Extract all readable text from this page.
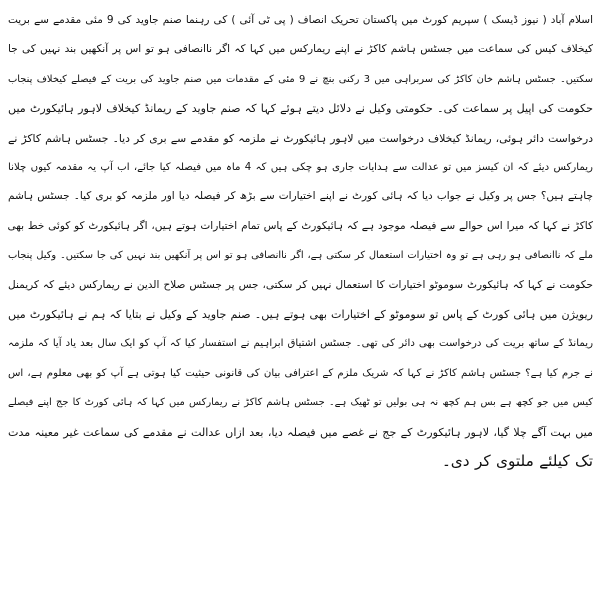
اسلام آباد ( نیوز ڈیسک ) سپریم کورٹ میں پاکستان تحریک انصاف ( پی ٹی آئی ) کی رہنما صنم جاوید کی 9 مئی مقدمے سے بریت
کیخلاف کیس کی سماعت میں جسٹس ہاشم کاکڑ نے اپنے ریمارکس میں کہا کہ اگر ناانصافی ہو تو اس پر آنکھیں بند نہیں کی جا
سکتیں۔ جسٹس ہاشم خان کاکڑ کی سربراہی میں 3 رکنی بنچ نے 9 مئی کے مقدمات میں صنم جاوید کی بریت کے فیصلے کیخلاف پنجاب
حکومت کی اپیل پر سماعت کی۔ حکومتی وکیل نے دلائل دیتے ہوئے کہا کہ صنم جاوید کے ریمانڈ کیخلاف لاہور ہائیکورٹ میں
درخواست دائر ہوئی، ریمانڈ کیخلاف درخواست میں لاہور ہائیکورٹ نے ملزمہ کو مقدمے سے بری کر دیا۔ جسٹس ہاشم کاکڑ نے
ریمارکس دیئے کہ ان کیسز میں تو عدالت سے ہدایات جاری ہو چکی ہیں کہ 4 ماہ میں فیصلہ کیا جائے، اب آپ یہ مقدمہ کیوں چلانا
چاہتے ہیں؟ جس پر وکیل نے جواب دیا کہ ہائی کورٹ نے اپنے اختیارات سے بڑھ کر فیصلہ دیا اور ملزمہ کو بری کیا۔ جسٹس ہاشم
کاکڑ نے کہا کہ میرا اس حوالے سے فیصلہ موجود ہے کہ ہائیکورٹ کے پاس تمام اختیارات ہوتے ہیں، اگر ہائیکورٹ کو کوئی خط بھی
ملے کہ ناانصافی ہو رہی ہے تو وہ اختیارات استعمال کر سکتی ہے، اگر ناانصافی ہو تو اس پر آنکھیں بند نہیں کی جا سکتیں۔ وکیل پنجاب
حکومت نے کہا کہ ہائیکورٹ سوموٹو اختیارات کا استعمال نہیں کر سکتی، جس پر جسٹس صلاح الدین نے ریمارکس دیئے کہ کریمنل
ریویژن میں ہائی کورٹ کے پاس تو سوموٹو کے اختیارات بھی ہوتے ہیں۔ صنم جاوید کے وکیل نے بتایا کہ ہم نے ہائیکورٹ میں
ریمانڈ کے ساتھ بریت کی درخواست بھی دائر کی تھی۔ جسٹس اشتیاق ابراہیم نے استفسار کیا کہ آپ کو ایک سال بعد یاد آیا کہ ملزمہ
نے جرم کیا ہے؟ جسٹس ہاشم کاکڑ نے کہا کہ شریک ملزم کے اعترافی بیان کی قانونی حیثیت کیا ہوتی ہے آپ کو بھی معلوم ہے، اس
کیس میں جو کچھ ہے بس ہم کچھ نہ ہی بولیں تو ٹھیک ہے۔ جسٹس ہاشم کاکڑ نے ریمارکس میں کہا کہ ہائی کورٹ کا جج اپنے فیصلے
میں بہت آگے چلا گیا، لاہور ہائیکورٹ کے جج نے غصے میں فیصلہ دیا، بعد ازاں عدالت نے مقدمے کی سماعت غیر معینہ مدت
تک کیلئے ملتوی کر دی۔
